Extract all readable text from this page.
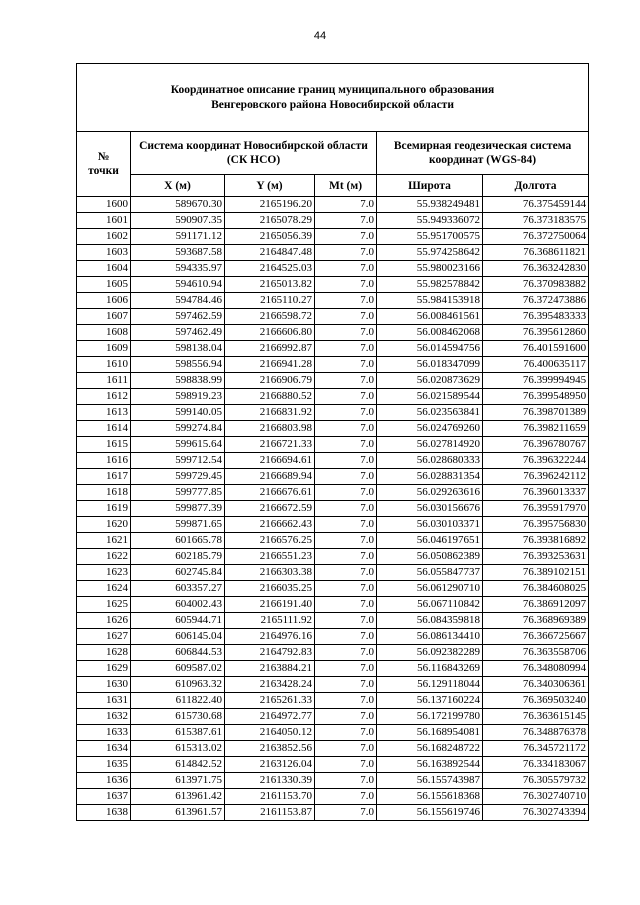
44
Координатное описание границ муниципального образования
Венгеровского района Новосибирской области					

№
точки	Система координат Новосибирской области (СК НСО)			Всемирная геодезическая система координат (WGS-84)	
	X (м)	Y (м)	Mt (м)	Широта	Долгота
1600	589670.30	2165196.20	7.0	55.938249481	76.375459144
1601	590907.35	2165078.29	7.0	55.949336072	76.373183575
1602	591171.12	2165056.39	7.0	55.951700575	76.372750064
1603	593687.58	2164847.48	7.0	55.974258642	76.368611821
1604	594335.97	2164525.03	7.0	55.980023166	76.363242830
1605	594610.94	2165013.82	7.0	55.982578842	76.370983882
1606	594784.46	2165110.27	7.0	55.984153918	76.372473886
1607	597462.59	2166598.72	7.0	56.008461561	76.395483333
1608	597462.49	2166606.80	7.0	56.008462068	76.395612860
1609	598138.04	2166992.87	7.0	56.014594756	76.401591600
1610	598556.94	2166941.28	7.0	56.018347099	76.400635117
1611	598838.99	2166906.79	7.0	56.020873629	76.399994945
1612	598919.23	2166880.52	7.0	56.021589544	76.399548950
1613	599140.05	2166831.92	7.0	56.023563841	76.398701389
1614	599274.84	2166803.98	7.0	56.024769260	76.398211659
1615	599615.64	2166721.33	7.0	56.027814920	76.396780767
1616	599712.54	2166694.61	7.0	56.028680333	76.396322244
1617	599729.45	2166689.94	7.0	56.028831354	76.396242112
1618	599777.85	2166676.61	7.0	56.029263616	76.396013337
1619	599877.39	2166672.59	7.0	56.030156676	76.395917970
1620	599871.65	2166662.43	7.0	56.030103371	76.395756830
1621	601665.78	2166576.25	7.0	56.046197651	76.393816892
1622	602185.79	2166551.23	7.0	56.050862389	76.393253631
1623	602745.84	2166303.38	7.0	56.055847737	76.389102151
1624	603357.27	2166035.25	7.0	56.061290710	76.384608025
1625	604002.43	2166191.40	7.0	56.067110842	76.386912097
1626	605944.71	2165111.92	7.0	56.084359818	76.368969389
1627	606145.04	2164976.16	7.0	56.086134410	76.366725667
1628	606844.53	2164792.83	7.0	56.092382289	76.363558706
1629	609587.02	2163884.21	7.0	56.116843269	76.348080994
1630	610963.32	2163428.24	7.0	56.129118044	76.340306361
1631	611822.40	2165261.33	7.0	56.137160224	76.369503240
1632	615730.68	2164972.77	7.0	56.172199780	76.363615145
1633	615387.61	2164050.12	7.0	56.168954081	76.348876378
1634	615313.02	2163852.56	7.0	56.168248722	76.345721172
1635	614842.52	2163126.04	7.0	56.163892544	76.334183067
1636	613971.75	2161330.39	7.0	56.155743987	76.305579732
1637	613961.42	2161153.70	7.0	56.155618368	76.302740710
1638	613961.57	2161153.87	7.0	56.155619746	76.302743394
